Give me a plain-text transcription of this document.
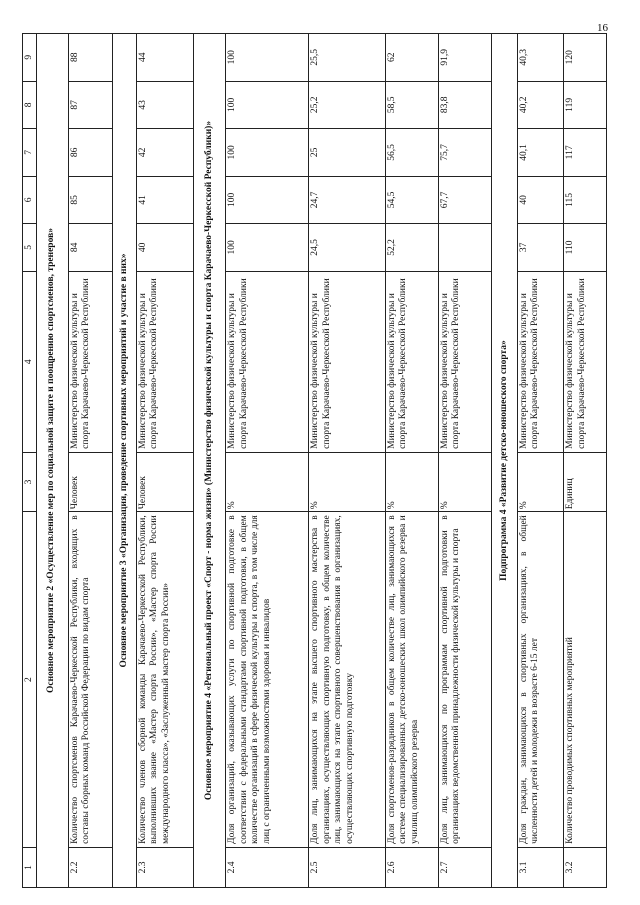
16
1	2	3	4	5	6	7	8	9
Основное мероприятие 2 «Осуществление мер по социальной защите и поощрению спортсменов, тренеров»								
2.2	Количество спортсменов Карачаево-Черкесской Республики, входящих в составы сборных команд Российской Федерации по видам спорта	Человек	Министерство физической культуры и спорта Карачаево-Черкесской Республики	84	85	86	87	88
Основное мероприятие 3 «Организация, проведение спортивных мероприятий и участие в них»								
2.3	Количество членов сборной команды Карачаево-Черкесской Республики, выполнивших звание «Мастер спорта России», «Мастер спорта России международного класса», «Заслуженный мастер спорта России»	Человек	Министерство физической культуры и спорта Карачаево-Черкесской Республики	40	41	42	43	44
Основное мероприятие 4 «Региональный проект «Спорт - норма жизни» (Министерство физической культуры и спорта Карачаево-Черкесской Республики)»								
2.4	Доля организаций, оказывающих услуги по спортивной подготовке в соответствии с федеральными стандартами спортивной подготовки, в общем количестве организаций в сфере физической культуры и спорта, в том числе для лиц с ограниченными возможностями здоровья и инвалидов	%	Министерство физической культуры и спорта Карачаево-Черкесской Республики	100	100	100	100	100
2.5	Доля лиц, занимающихся на этапе высшего спортивного мастерства в организациях, осуществляющих спортивную подготовку, в общем количестве лиц, занимающихся на этапе спортивного совершенствования в организациях, осуществляющих спортивную подготовку	%	Министерство физической культуры и спорта Карачаево-Черкесской Республики	24,5	24,7	25	25,2	25,5
2.6	Доля спортсменов-разрядников в общем количестве лиц, занимающихся в системе специализированных детско-юношеских школ олимпийского резерва и училищ олимпийского резерва	%	Министерство физической культуры и спорта Карачаево-Черкесской Республики	52,2	54,5	56,5	58,5	62
2.7	Доля лиц, занимающихся по программам спортивной подготовки в организациях ведомственной принадлежности физической культуры и спорта	%	Министерство физической культуры и спорта Карачаево-Черкесской Республики		67,7	75,7	83,8	91,9
Подпрограмма 4 «Развитие детско-юношеского спорта»								
3.1	Доля граждан, занимающихся в спортивных организациях, в общей численности детей и молодежи в возрасте 6-15 лет	%	Министерство физической культуры и спорта Карачаево-Черкесской Республики	37	40	40,1	40,2	40,3
3.2	Количество проводимых спортивных мероприятий	Единиц	Министерство физической культуры и спорта Карачаево-Черкесской Республики	110	115	117	119	120
